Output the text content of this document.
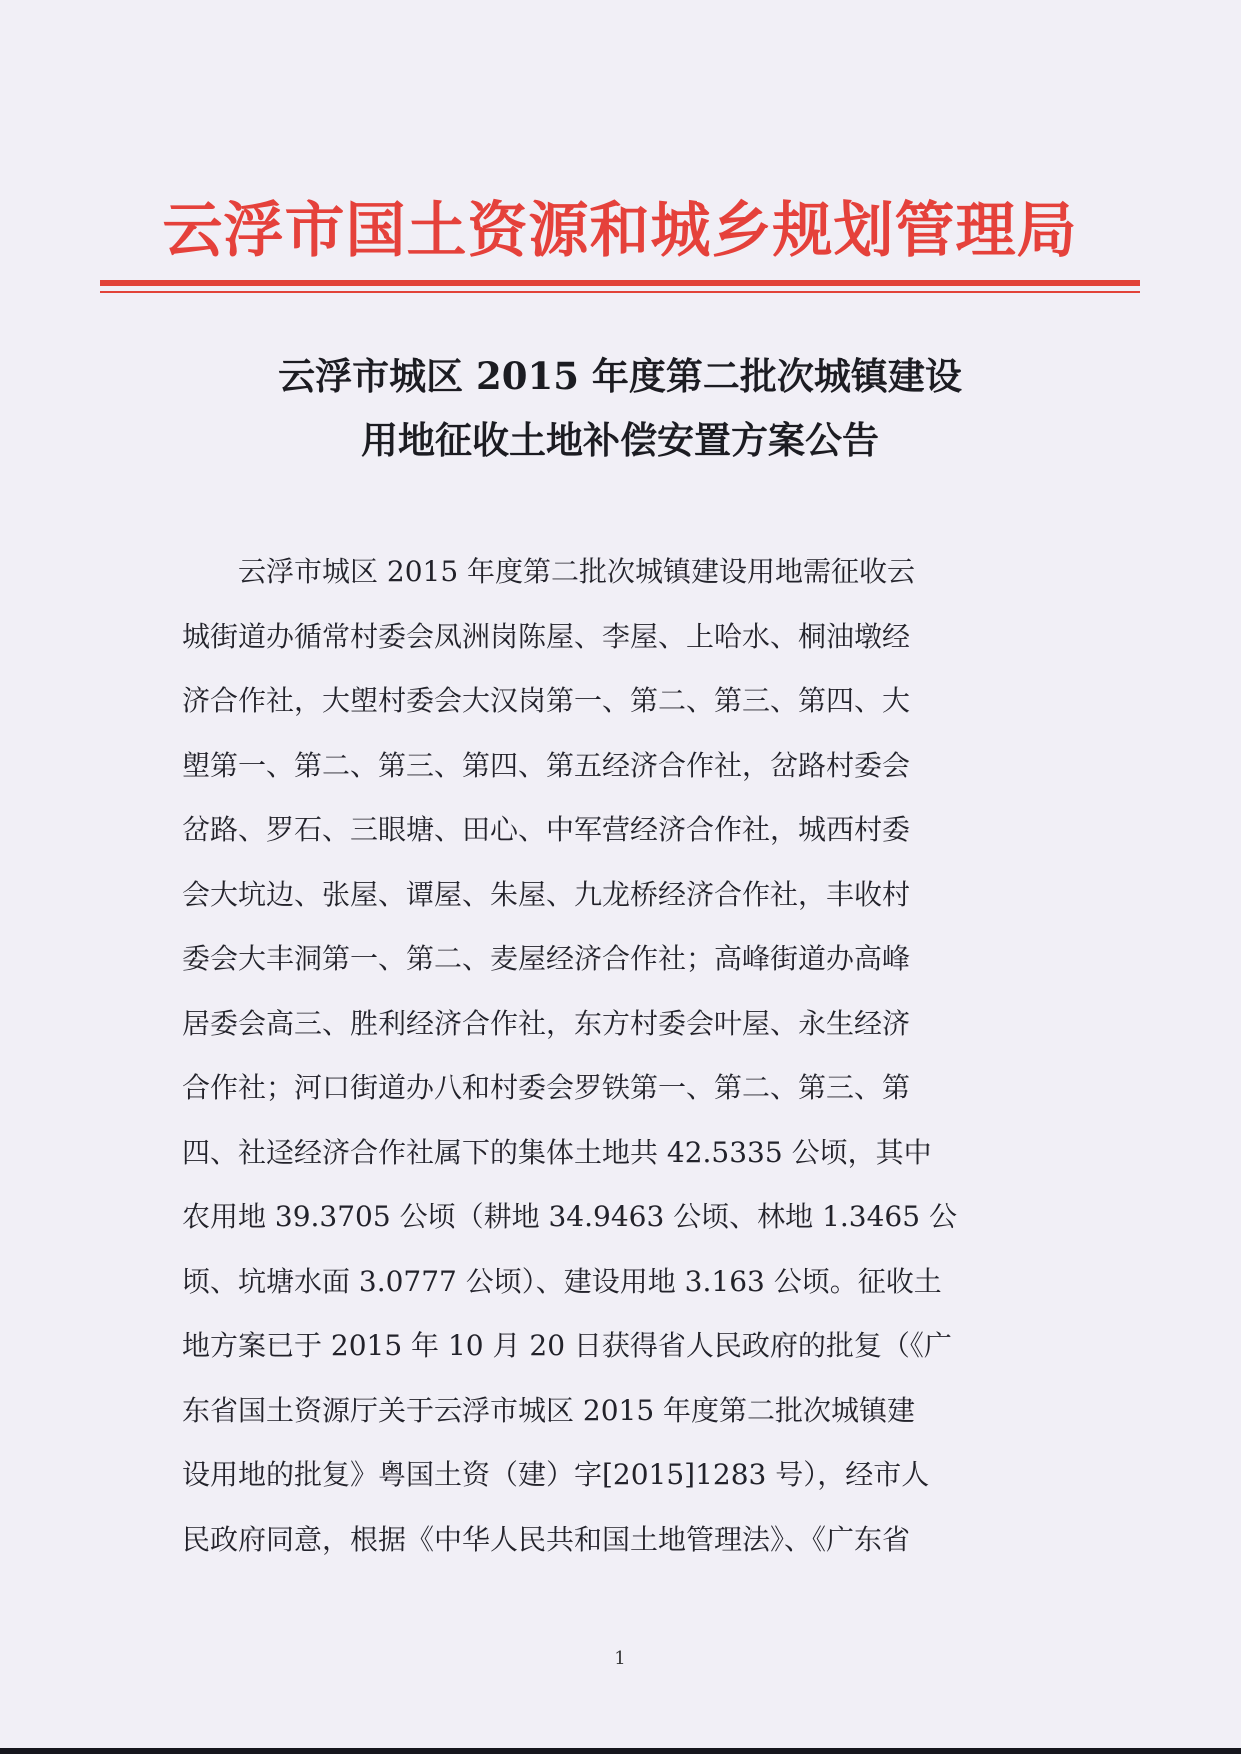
云浮市国土资源和城乡规划管理局
云浮市城区 2015 年度第二批次城镇建设
用地征收土地补偿安置方案公告
云浮市城区 2015 年度第二批次城镇建设用地需征收云
城街道办循常村委会凤洲岗陈屋、李屋、上哈水、桐油墩经
济合作社，大塱村委会大汉岗第一、第二、第三、第四、大
塱第一、第二、第三、第四、第五经济合作社，岔路村委会
岔路、罗石、三眼塘、田心、中军营经济合作社，城西村委
会大坑边、张屋、谭屋、朱屋、九龙桥经济合作社，丰收村
委会大丰洞第一、第二、麦屋经济合作社；高峰街道办高峰
居委会高三、胜利经济合作社，东方村委会叶屋、永生经济
合作社；河口街道办八和村委会罗铁第一、第二、第三、第
四、社迳经济合作社属下的集体土地共 42.5335 公顷，其中
农用地 39.3705 公顷（耕地 34.9463 公顷、林地 1.3465 公
顷、坑塘水面 3.0777 公顷）、建设用地 3.163 公顷。征收土
地方案已于 2015 年 10 月 20 日获得省人民政府的批复（《广
东省国土资源厅关于云浮市城区 2015 年度第二批次城镇建
设用地的批复》粤国土资（建）字[2015]1283 号），经市人
民政府同意，根据《中华人民共和国土地管理法》、《广东省
1
